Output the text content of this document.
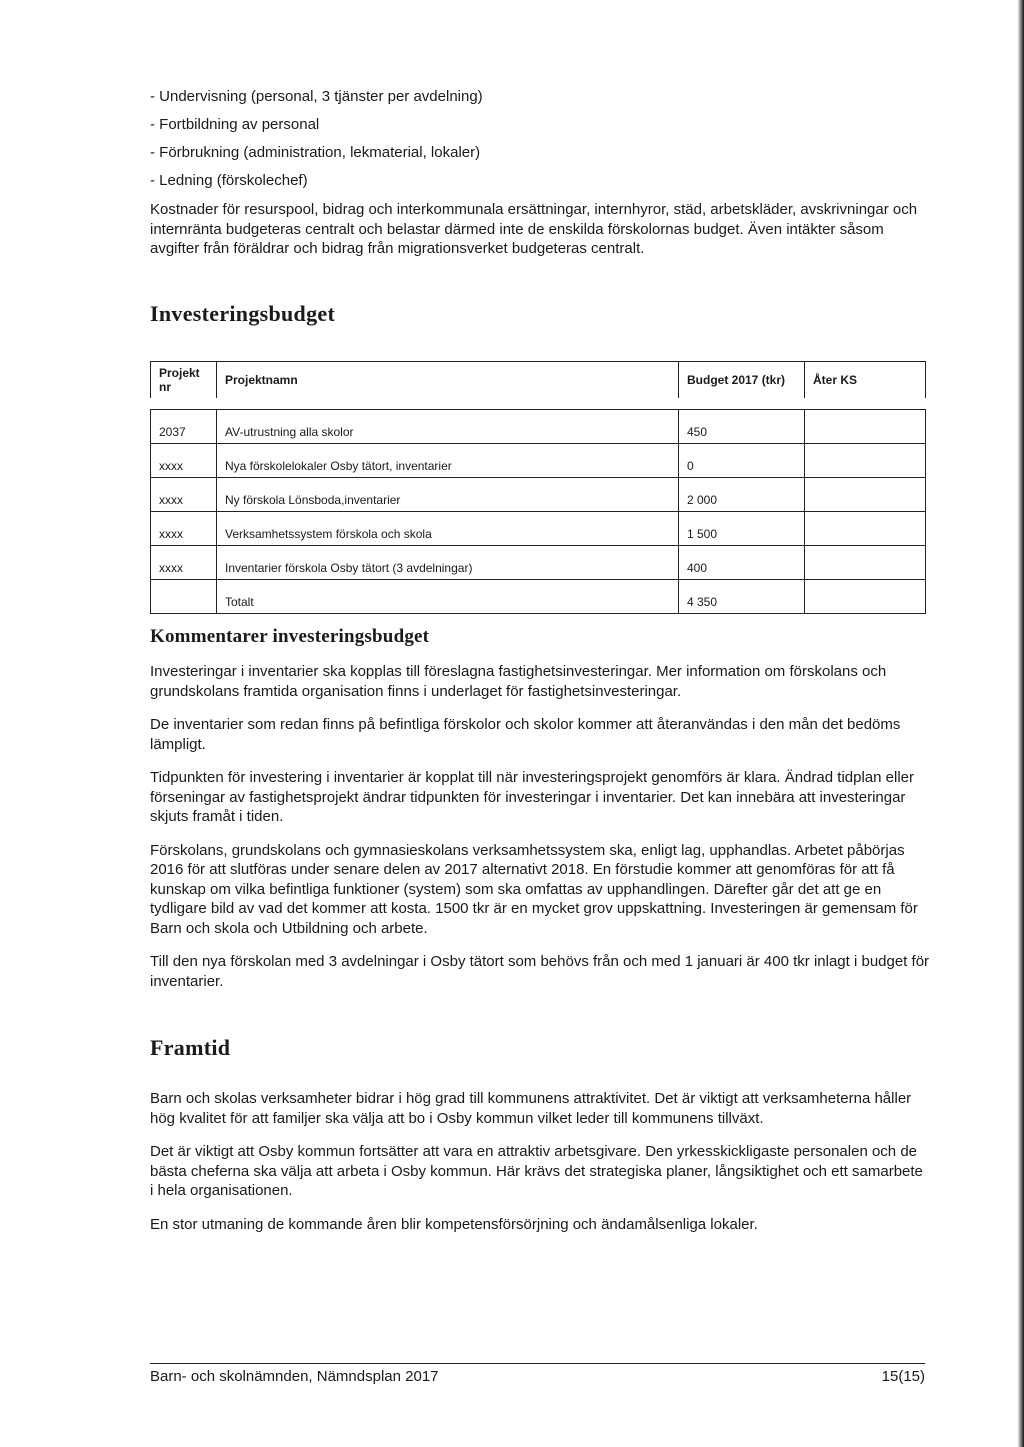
- Undervisning (personal, 3 tjänster per avdelning)

- Fortbildning av personal

- Förbrukning (administration, lekmaterial, lokaler)

- Ledning (förskolechef)

Kostnader för resurspool, bidrag och interkommunala ersättningar, internhyror, städ, arbetskläder, avskrivningar och internränta budgeteras centralt och belastar därmed inte de enskilda förskolornas budget. Även intäkter såsom avgifter från föräldrar och bidrag från migrationsverket budgeteras centralt.

Investeringsbudget
Projekt nr	Projektnamn	Budget 2017 (tkr)	Åter KS

2037	AV-utrustning alla skolor	450	
xxxx	Nya förskolelokaler Osby tätort, inventarier	0	
xxxx	Ny förskola Lönsboda,inventarier	2 000	
xxxx	Verksamhetssystem förskola och skola	1 500	
xxxx	Inventarier förskola Osby tätort (3 avdelningar)	400	
	Totalt	4 350	
Kommentarer investeringsbudget

Investeringar i inventarier ska kopplas till föreslagna fastighetsinvesteringar. Mer information om förskolans och grundskolans framtida organisation finns i underlaget för fastighetsinvesteringar.

De inventarier som redan finns på befintliga förskolor och skolor kommer att återanvändas i den mån det bedöms lämpligt.

Tidpunkten för investering i inventarier är kopplat till när investeringsprojekt genomförs är klara. Ändrad tidplan eller förseningar av fastighetsprojekt ändrar tidpunkten för investeringar i inventarier. Det kan innebära att investeringar skjuts framåt i tiden.

Förskolans, grundskolans och gymnasieskolans verksamhetssystem ska, enligt lag, upphandlas. Arbetet påbörjas 2016 för att slutföras under senare delen av 2017 alternativt 2018. En förstudie kommer att genomföras för att få kunskap om vilka befintliga funktioner (system) som ska omfattas av upphandlingen. Därefter går det att ge en tydligare bild av vad det kommer att kosta. 1500 tkr är en mycket grov uppskattning. Investeringen är gemensam för Barn och skola och Utbildning och arbete.

Till den nya förskolan med 3 avdelningar i Osby tätort som behövs från och med 1 januari är 400 tkr inlagt i budget för inventarier.

Framtid

Barn och skolas verksamheter bidrar i hög grad till kommunens attraktivitet. Det är viktigt att verksamheterna håller hög kvalitet för att familjer ska välja att bo i Osby kommun vilket leder till kommunens tillväxt.

Det är viktigt att Osby kommun fortsätter att vara en attraktiv arbetsgivare. Den yrkesskickligaste personalen och de bästa cheferna ska välja att arbeta i Osby kommun. Här krävs det strategiska planer, långsiktighet och ett samarbete i hela organisationen.

En stor utmaning de kommande åren blir kompetensförsörjning och ändamålsenliga lokaler.

Barn- och skolnämnden, Nämndsplan 2017	15(15)
